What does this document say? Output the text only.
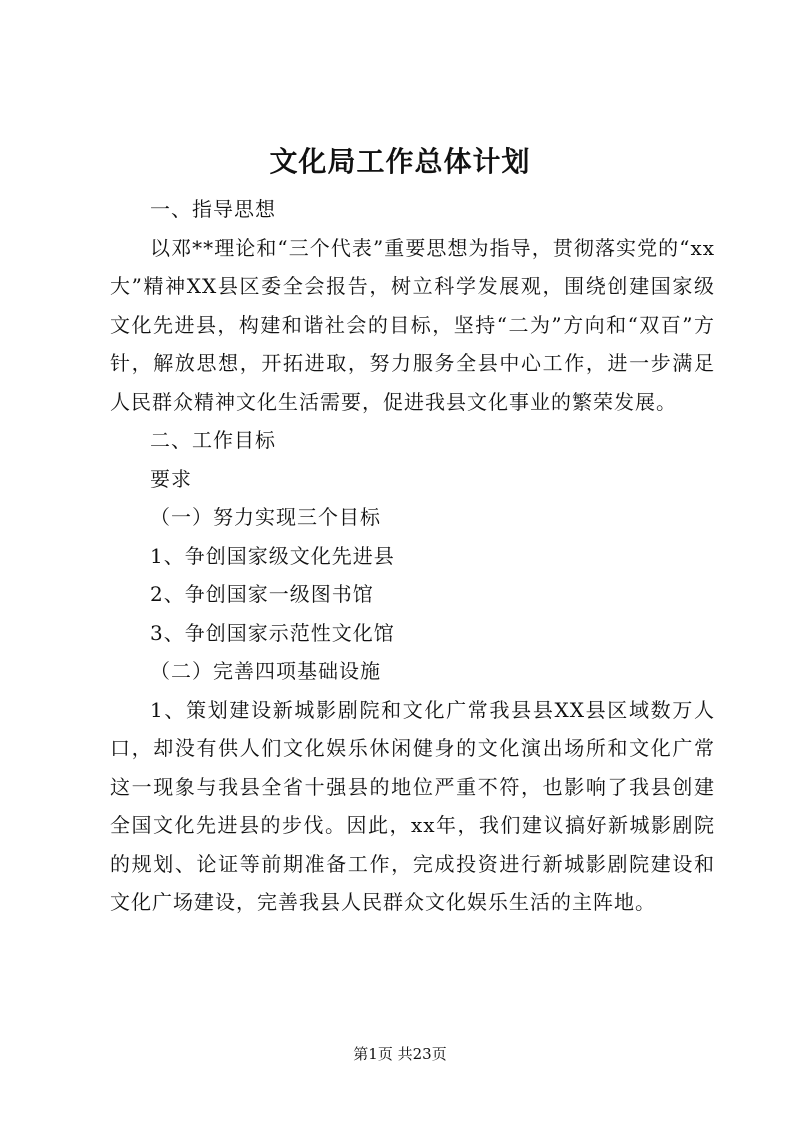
文化局工作总体计划

一、指导思想

以邓**理论和“三个代表”重要思想为指导，贯彻落实党的“xx大”精神XX县区委全会报告，树立科学发展观，围绕创建国家级文化先进县，构建和谐社会的目标，坚持“二为”方向和“双百”方针，解放思想，开拓进取，努力服务全县中心工作，进一步满足人民群众精神文化生活需要，促进我县文化事业的繁荣发展。

二、工作目标

要求

（一）努力实现三个目标

1、争创国家级文化先进县

2、争创国家一级图书馆

3、争创国家示范性文化馆

（二）完善四项基础设施

1、策划建设新城影剧院和文化广常我县县XX县区域数万人口，却没有供人们文化娱乐休闲健身的文化演出场所和文化广常这一现象与我县全省十强县的地位严重不符，也影响了我县创建全国文化先进县的步伐。因此，xx年，我们建议搞好新城影剧院的规划、论证等前期准备工作，完成投资进行新城影剧院建设和文化广场建设，完善我县人民群众文化娱乐生活的主阵地。

第1页 共23页
